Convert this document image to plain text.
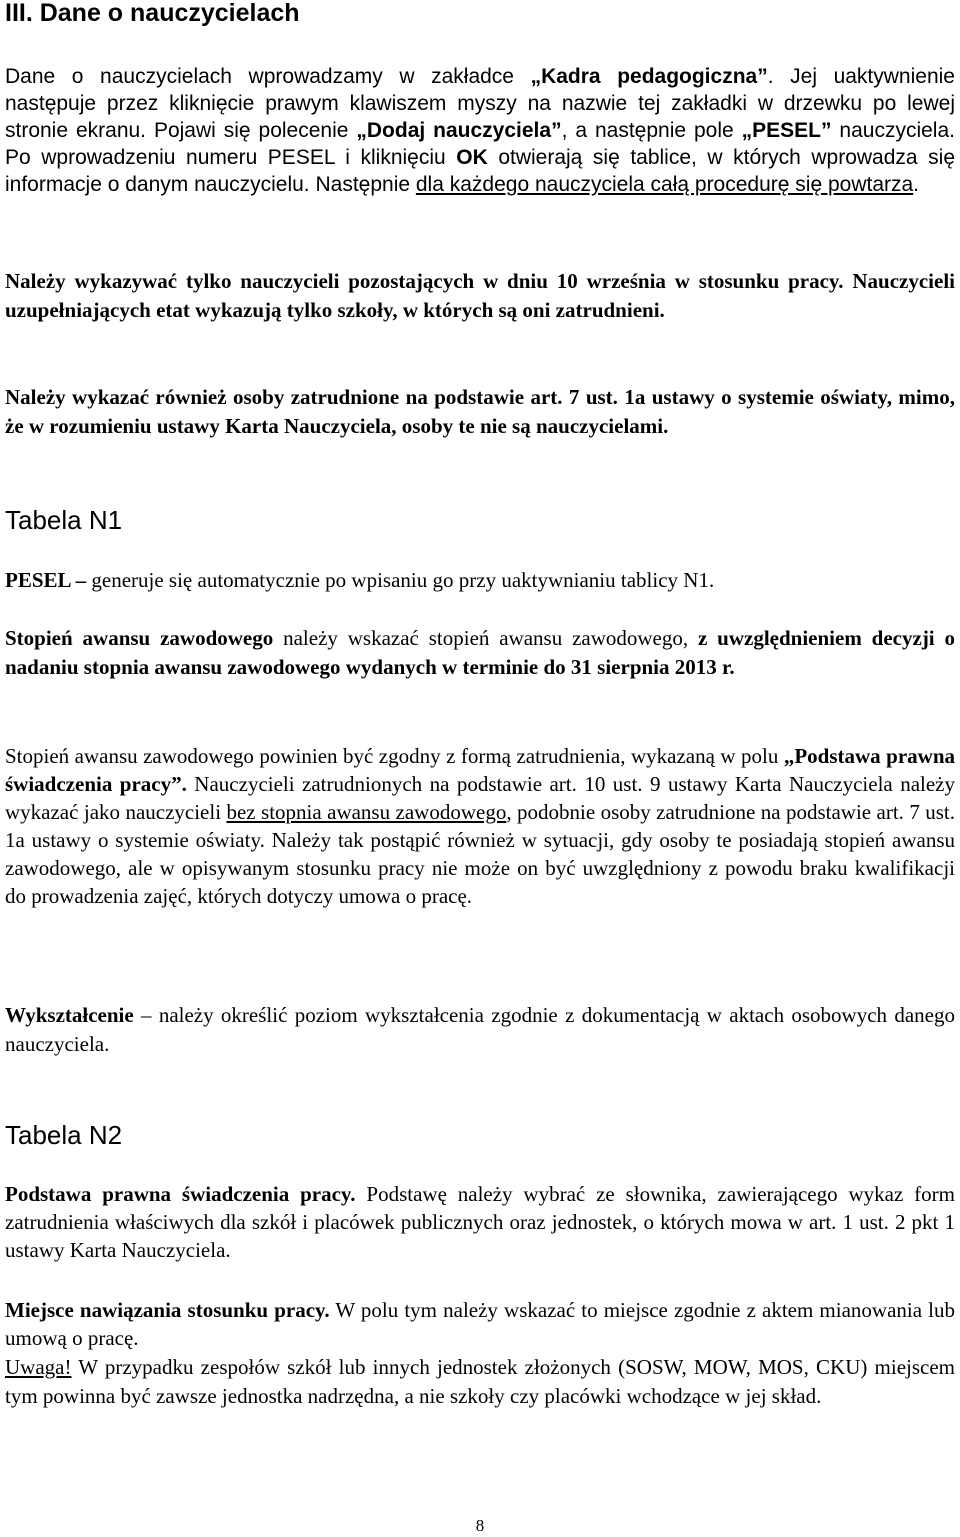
III. Dane o nauczycielach

Dane o nauczycielach wprowadzamy w zakładce „Kadra pedagogiczna”. Jej uaktywnienie następuje przez kliknięcie prawym klawiszem myszy na nazwie tej zakładki w drzewku po lewej stronie ekranu. Pojawi się polecenie „Dodaj nauczyciela”, a następnie pole „PESEL” nauczyciela. Po wprowadzeniu numeru PESEL i kliknięciu OK otwierają się tablice, w których wprowadza się informacje o danym nauczycielu. Następnie dla każdego nauczyciela całą procedurę się powtarza.

Należy wykazywać tylko nauczycieli pozostających w dniu 10 września w stosunku pracy. Nauczycieli uzupełniających etat wykazują tylko szkoły, w których są oni zatrudnieni.

Należy wykazać również osoby zatrudnione na podstawie art. 7 ust. 1a ustawy o systemie oświaty, mimo, że w rozumieniu ustawy Karta Nauczyciela, osoby te nie są nauczycielami.

Tabela N1

PESEL – generuje się automatycznie po wpisaniu go przy uaktywnianiu tablicy N1.

Stopień awansu zawodowego należy wskazać stopień awansu zawodowego, z uwzględnieniem decyzji o nadaniu stopnia awansu zawodowego wydanych w terminie do 31 sierpnia 2013 r.

Stopień awansu zawodowego powinien być zgodny z formą zatrudnienia, wykazaną w polu „Podstawa prawna świadczenia pracy”. Nauczycieli zatrudnionych na podstawie art. 10 ust. 9 ustawy Karta Nauczyciela należy wykazać jako nauczycieli bez stopnia awansu zawodowego, podobnie osoby zatrudnione na podstawie art. 7 ust. 1a ustawy o systemie oświaty. Należy tak postąpić również w sytuacji, gdy osoby te posiadają stopień awansu zawodowego, ale w opisywanym stosunku pracy nie może on być uwzględniony z powodu braku kwalifikacji do prowadzenia zajęć, których dotyczy umowa o pracę.

Wykształcenie – należy określić poziom wykształcenia zgodnie z dokumentacją w aktach osobowych danego nauczyciela.

Tabela N2

Podstawa prawna świadczenia pracy. Podstawę należy wybrać ze słownika, zawierającego wykaz form zatrudnienia właściwych dla szkół i placówek publicznych oraz jednostek, o których mowa w art. 1 ust. 2 pkt 1 ustawy Karta Nauczyciela.

Miejsce nawiązania stosunku pracy. W polu tym należy wskazać to miejsce zgodnie z aktem mianowania lub umową o pracę.

Uwaga! W przypadku zespołów szkół lub innych jednostek złożonych (SOSW, MOW, MOS, CKU) miejscem tym powinna być zawsze jednostka nadrzędna, a nie szkoły czy placówki wchodzące w jej skład.

8
